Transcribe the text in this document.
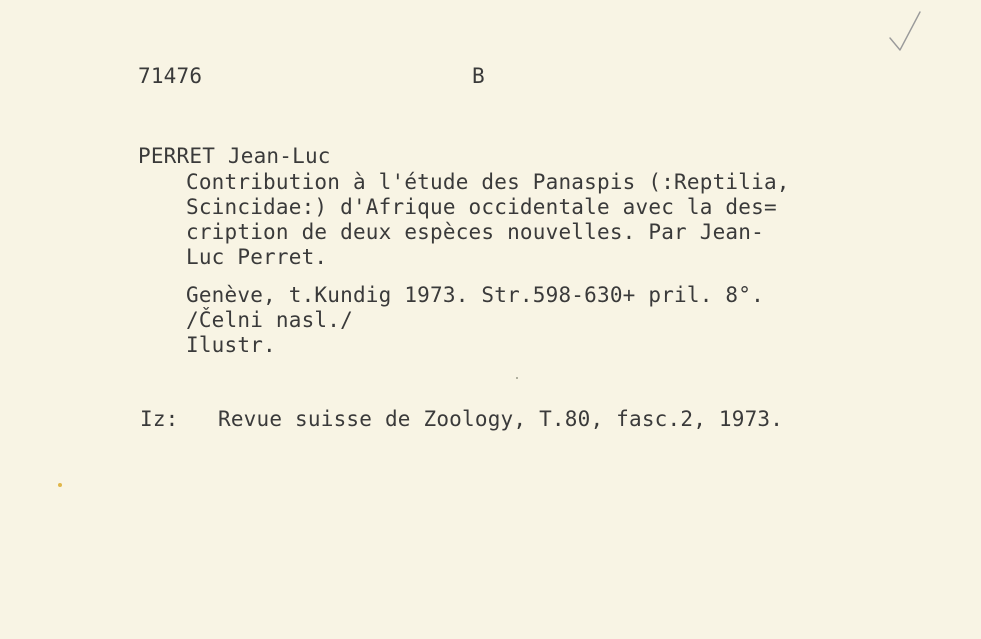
71476	B
PERRET Jean-Luc
Contribution à l'étude des Panaspis (:Reptilia,
Scincidae:) d'Afrique occidentale avec la des=
cription de deux espèces nouvelles. Par Jean-
Luc Perret.
Genève, t.Kundig 1973. Str.598-630+ pril. 8°.
/Čelni nasl./
Ilustr.
Iz: Revue suisse de Zoology, T.80, fasc.2, 1973.
